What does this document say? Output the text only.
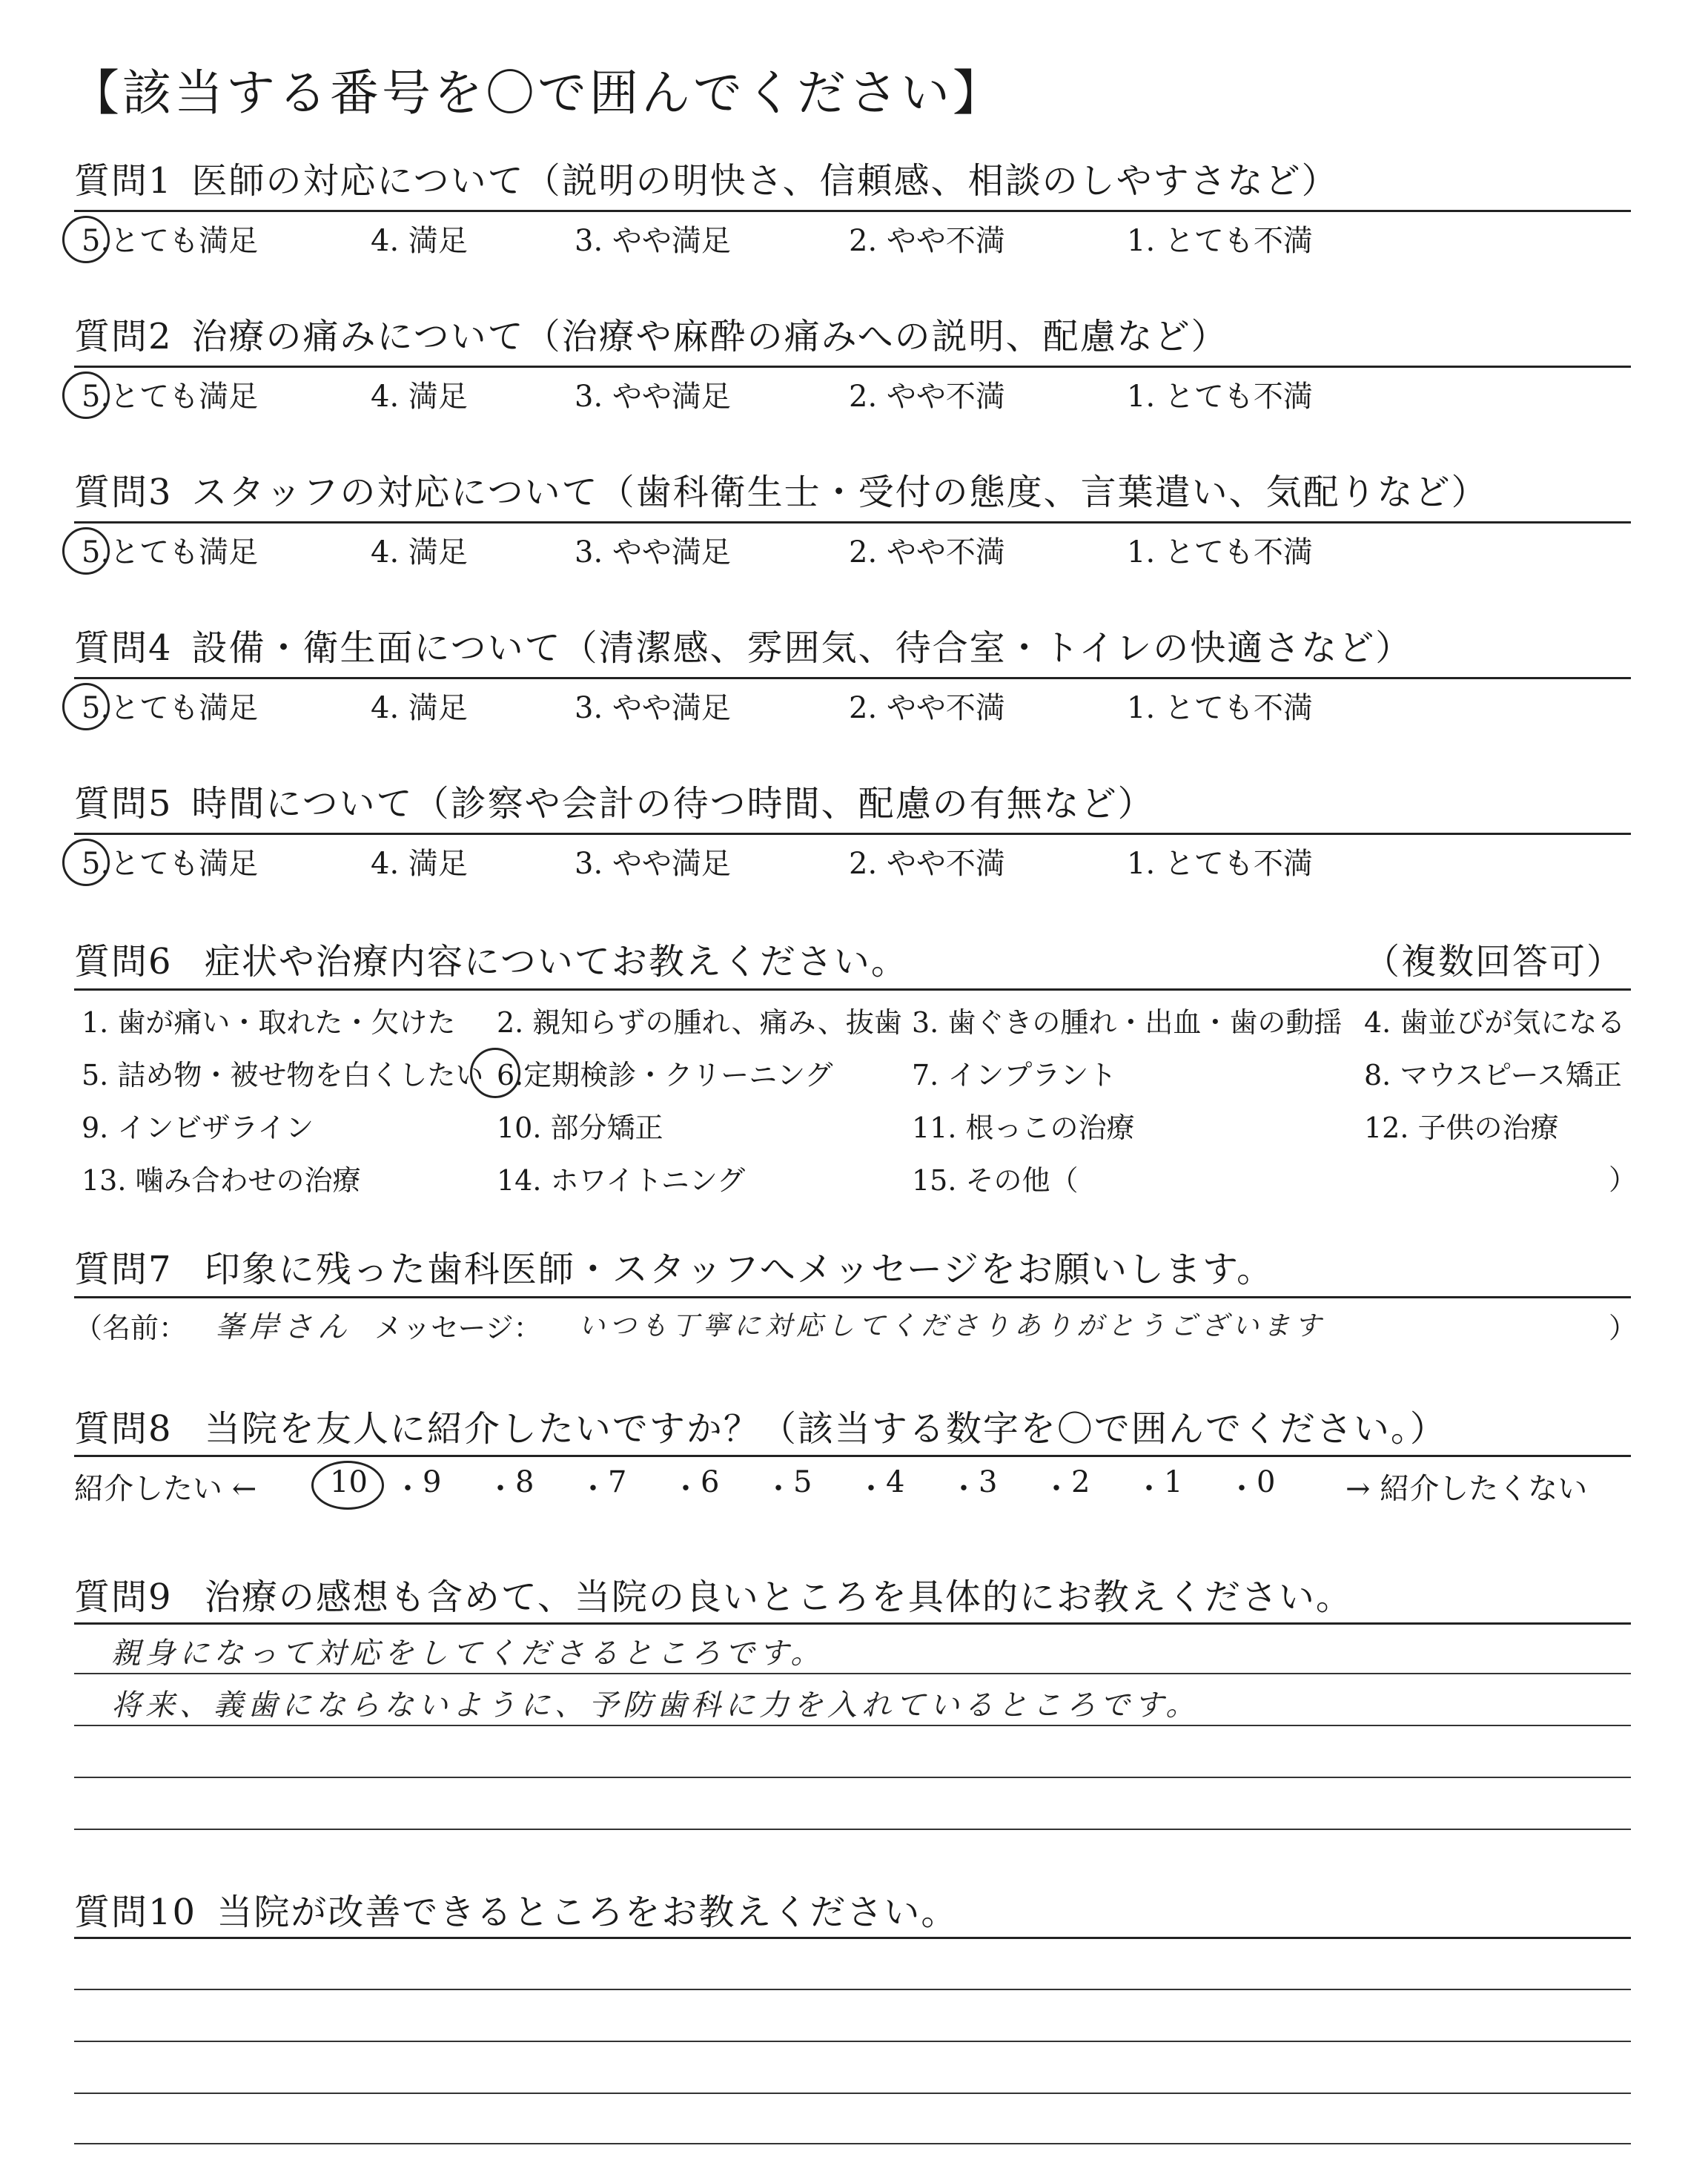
【該当する番号を〇で囲んでください】
質問1 医師の対応について（説明の明快さ、信頼感、相談のしやすさなど）
5.とても満足	4. 満足	3. やや満足	2. やや不満	1. とても不満
質問2 治療の痛みについて（治療や麻酔の痛みへの説明、配慮など）
5.とても満足	4. 満足	3. やや満足	2. やや不満	1. とても不満
質問3 スタッフの対応について（歯科衛生士・受付の態度、言葉遣い、気配りなど）
5.とても満足	4. 満足	3. やや満足	2. やや不満	1. とても不満
質問4 設備・衛生面について（清潔感、雰囲気、待合室・トイレの快適さなど）
5.とても満足	4. 満足	3. やや満足	2. やや不満	1. とても不満
質問5 時間について（診察や会計の待つ時間、配慮の有無など）
5.とても満足	4. 満足	3. やや満足	2. やや不満	1. とても不満
質問6 症状や治療内容についてお教えください。	（複数回答可）
1. 歯が痛い・取れた・欠けた 2. 親知らずの腫れ、痛み、抜歯 3. 歯ぐきの腫れ・出血・歯の動揺 4. 歯並びが気になる
5. 詰め物・被せ物を白くしたい 6.定期検診・クリーニング	7. インプラント	8. マウスピース矯正
9. インビザライン	10. 部分矯正	11. 根っこの治療	12. 子供の治療
13. 噛み合わせの治療	14. ホワイトニング	15. その他（	）
質問7 印象に残った歯科医師・スタッフへメッセージをお願いします。
（名前： 峯岸さん メッセージ： いつも丁寧に対応してくださりありがとうございます	）
質問8 当院を友人に紹介したいですか？（該当する数字を〇で囲んでください。）
紹介したい ← 10 ・ 9 ・ 8 ・ 7 ・ 6 ・ 5 ・ 4 ・ 3 ・ 2 ・ 1 ・ 0 → 紹介したくない
質問9 治療の感想も含めて、当院の良いところを具体的にお教えください。
親身になって対応をしてくださるところです。
将来、義歯にならないように、予防歯科に力を入れているところです。
質問10 当院が改善できるところをお教えください。
